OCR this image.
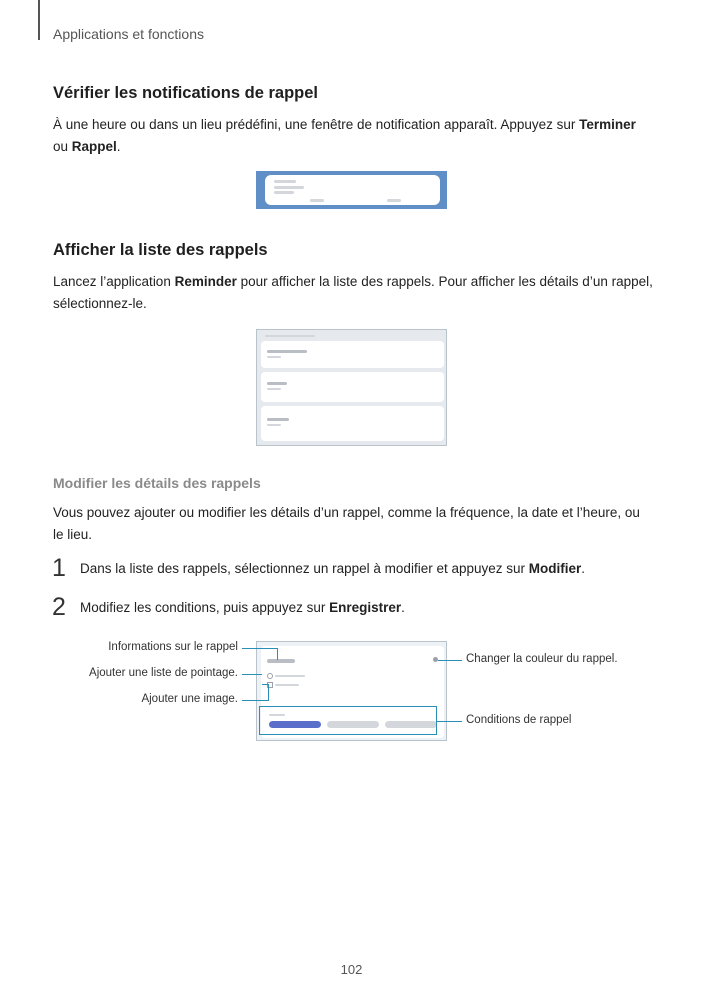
Applications et fonctions
Vérifier les notifications de rappel
À une heure ou dans un lieu prédéfini, une fenêtre de notification apparaît. Appuyez sur Terminer ou Rappel.
Afficher la liste des rappels
Lancez l’application Reminder pour afficher la liste des rappels. Pour afficher les détails d’un rappel, sélectionnez-le.
Modifier les détails des rappels
Vous pouvez ajouter ou modifier les détails d’un rappel, comme la fréquence, la date et l’heure, ou le lieu.
1 Dans la liste des rappels, sélectionnez un rappel à modifier et appuyez sur Modifier.
2 Modifiez les conditions, puis appuyez sur Enregistrer.
Informations sur le rappel
Ajouter une liste de pointage.
Ajouter une image.
Changer la couleur du rappel.
Conditions de rappel
102
